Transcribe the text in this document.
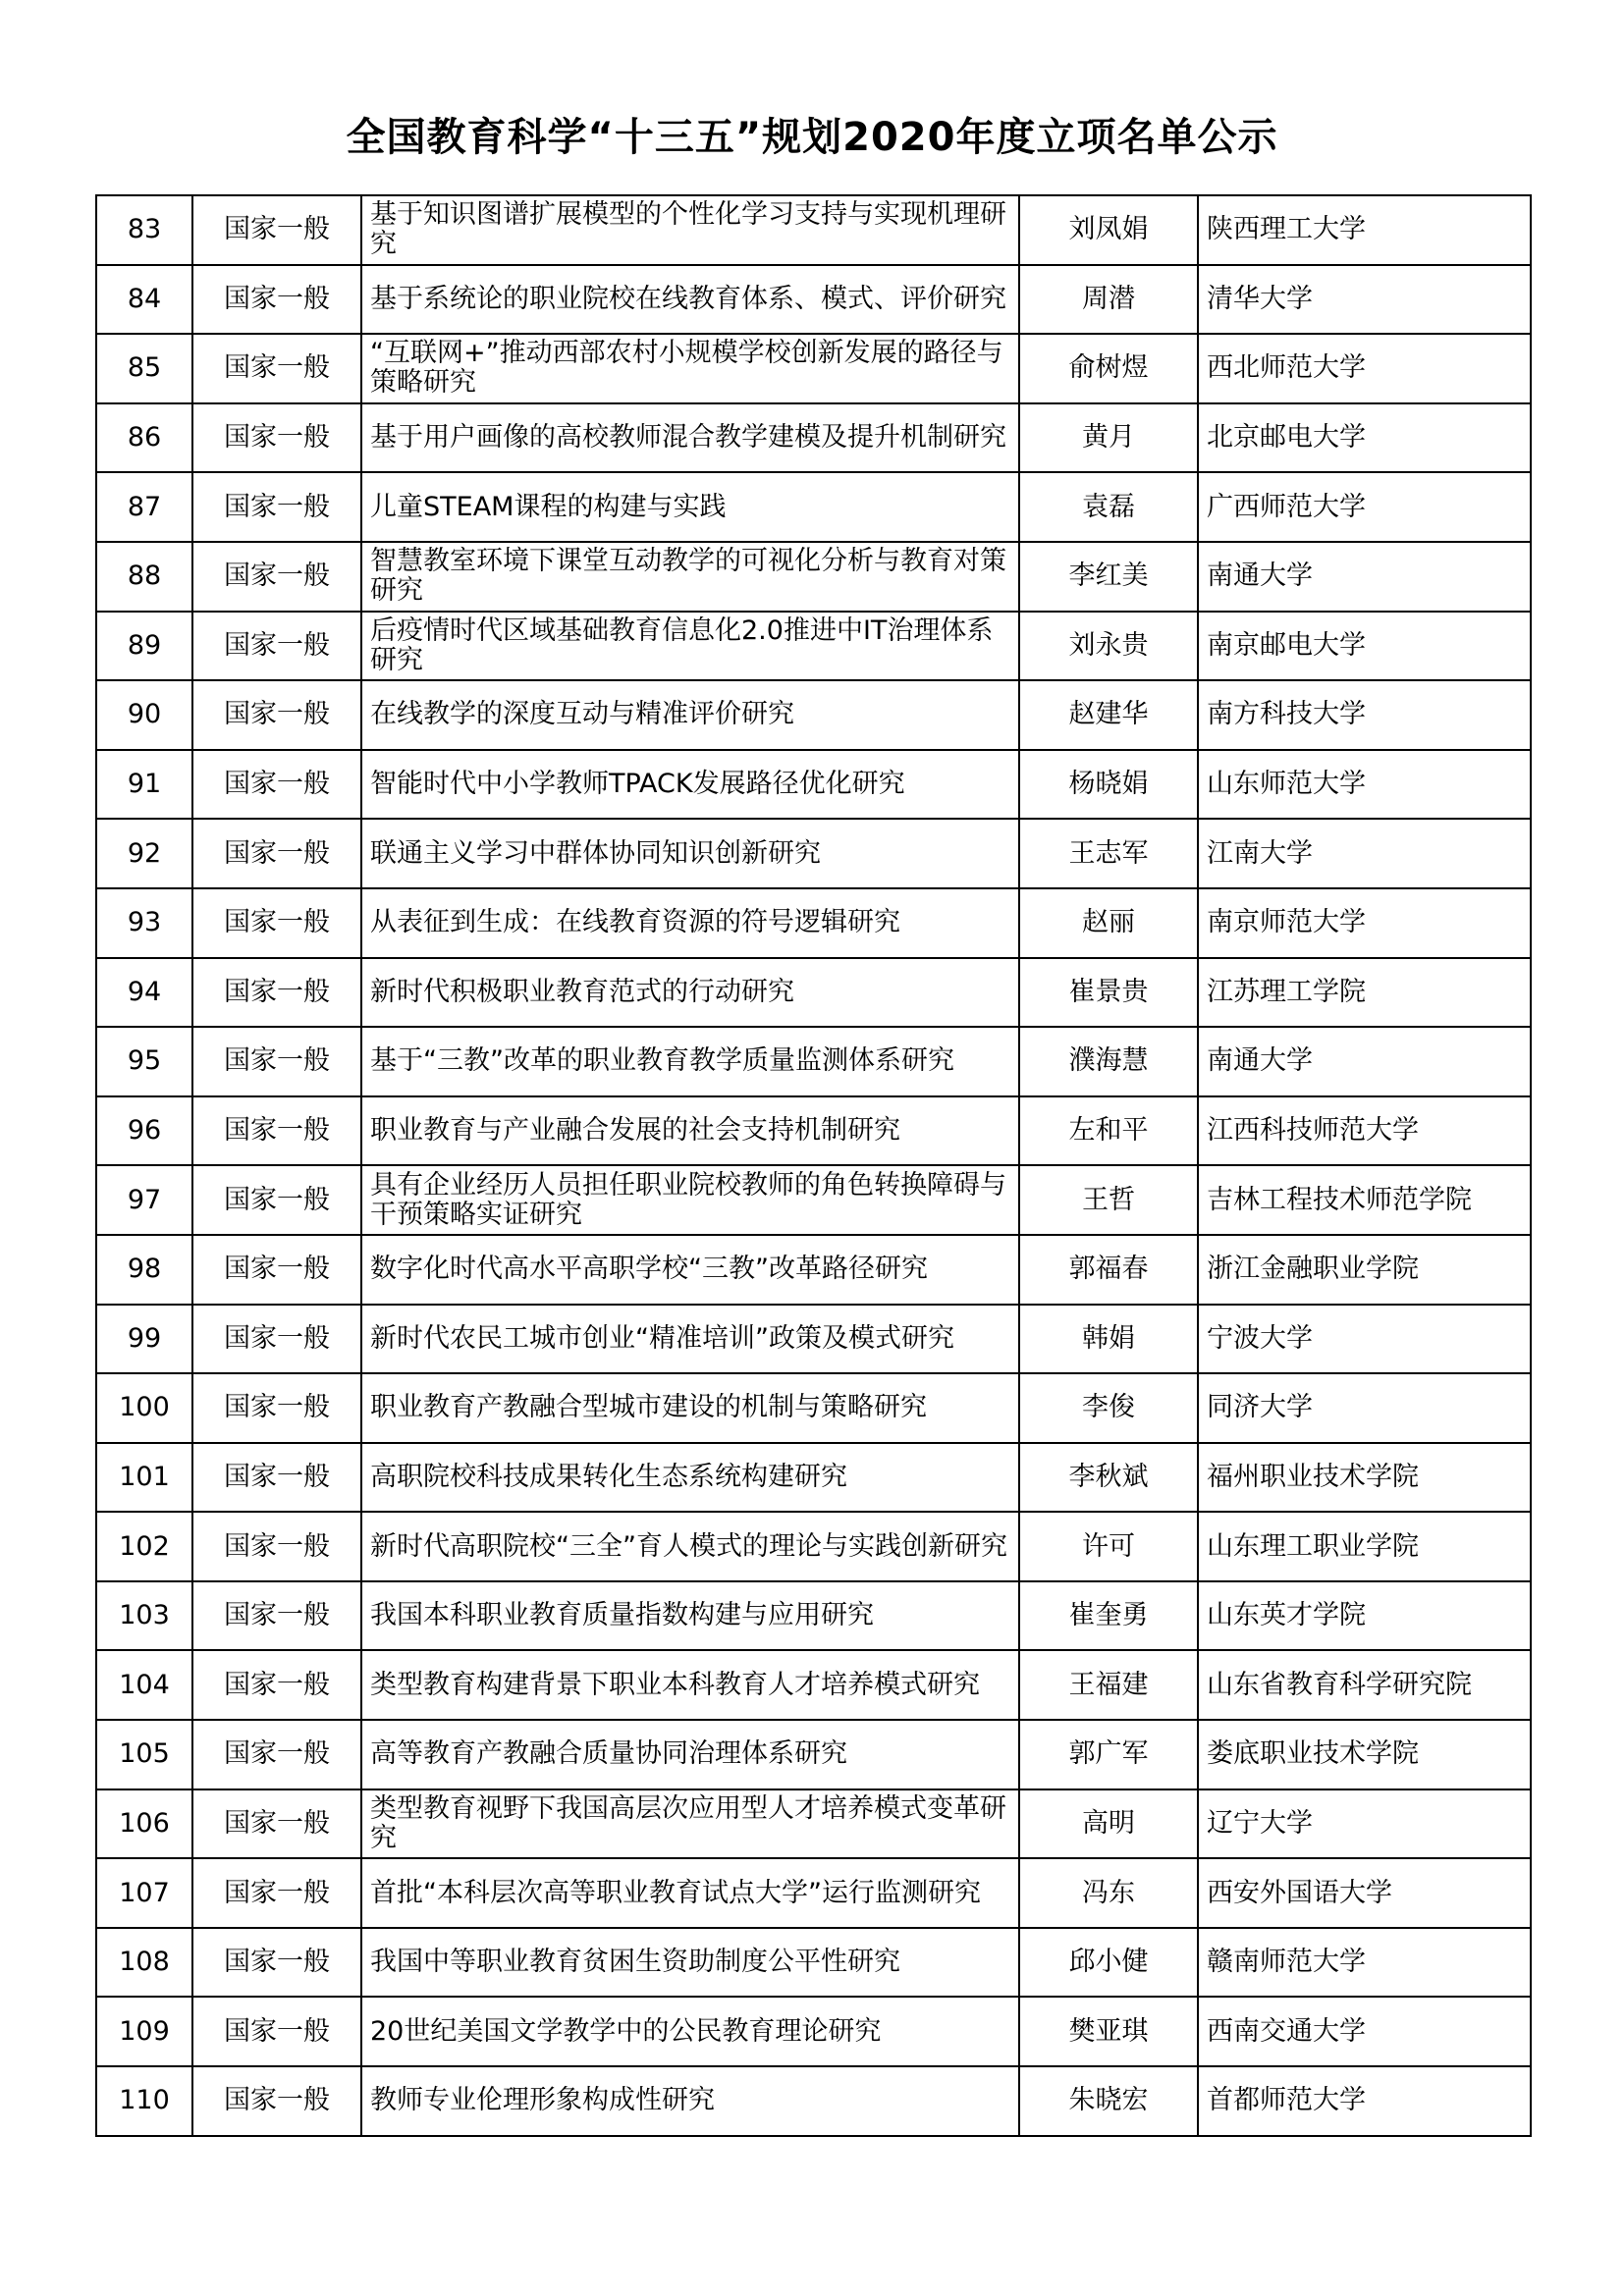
全国教育科学“十三五”规划2020年度立项名单公示
83	国家一般	基于知识图谱扩展模型的个性化学习支持与实现机理研究	刘凤娟	陕西理工大学
84	国家一般	基于系统论的职业院校在线教育体系、模式、评价研究	周潜	清华大学
85	国家一般	“互联网+”推动西部农村小规模学校创新发展的路径与策略研究	俞树煜	西北师范大学
86	国家一般	基于用户画像的高校教师混合教学建模及提升机制研究	黄月	北京邮电大学
87	国家一般	儿童STEAM课程的构建与实践	袁磊	广西师范大学
88	国家一般	智慧教室环境下课堂互动教学的可视化分析与教育对策研究	李红美	南通大学
89	国家一般	后疫情时代区域基础教育信息化2.0推进中IT治理体系研究	刘永贵	南京邮电大学
90	国家一般	在线教学的深度互动与精准评价研究	赵建华	南方科技大学
91	国家一般	智能时代中小学教师TPACK发展路径优化研究	杨晓娟	山东师范大学
92	国家一般	联通主义学习中群体协同知识创新研究	王志军	江南大学
93	国家一般	从表征到生成：在线教育资源的符号逻辑研究	赵丽	南京师范大学
94	国家一般	新时代积极职业教育范式的行动研究	崔景贵	江苏理工学院
95	国家一般	基于“三教”改革的职业教育教学质量监测体系研究	濮海慧	南通大学
96	国家一般	职业教育与产业融合发展的社会支持机制研究	左和平	江西科技师范大学
97	国家一般	具有企业经历人员担任职业院校教师的角色转换障碍与干预策略实证研究	王哲	吉林工程技术师范学院
98	国家一般	数字化时代高水平高职学校“三教”改革路径研究	郭福春	浙江金融职业学院
99	国家一般	新时代农民工城市创业“精准培训”政策及模式研究	韩娟	宁波大学
100	国家一般	职业教育产教融合型城市建设的机制与策略研究	李俊	同济大学
101	国家一般	高职院校科技成果转化生态系统构建研究	李秋斌	福州职业技术学院
102	国家一般	新时代高职院校“三全”育人模式的理论与实践创新研究	许可	山东理工职业学院
103	国家一般	我国本科职业教育质量指数构建与应用研究	崔奎勇	山东英才学院
104	国家一般	类型教育构建背景下职业本科教育人才培养模式研究	王福建	山东省教育科学研究院
105	国家一般	高等教育产教融合质量协同治理体系研究	郭广军	娄底职业技术学院
106	国家一般	类型教育视野下我国高层次应用型人才培养模式变革研究	高明	辽宁大学
107	国家一般	首批“本科层次高等职业教育试点大学”运行监测研究	冯东	西安外国语大学
108	国家一般	我国中等职业教育贫困生资助制度公平性研究	邱小健	赣南师范大学
109	国家一般	20世纪美国文学教学中的公民教育理论研究	樊亚琪	西南交通大学
110	国家一般	教师专业伦理形象构成性研究	朱晓宏	首都师范大学
